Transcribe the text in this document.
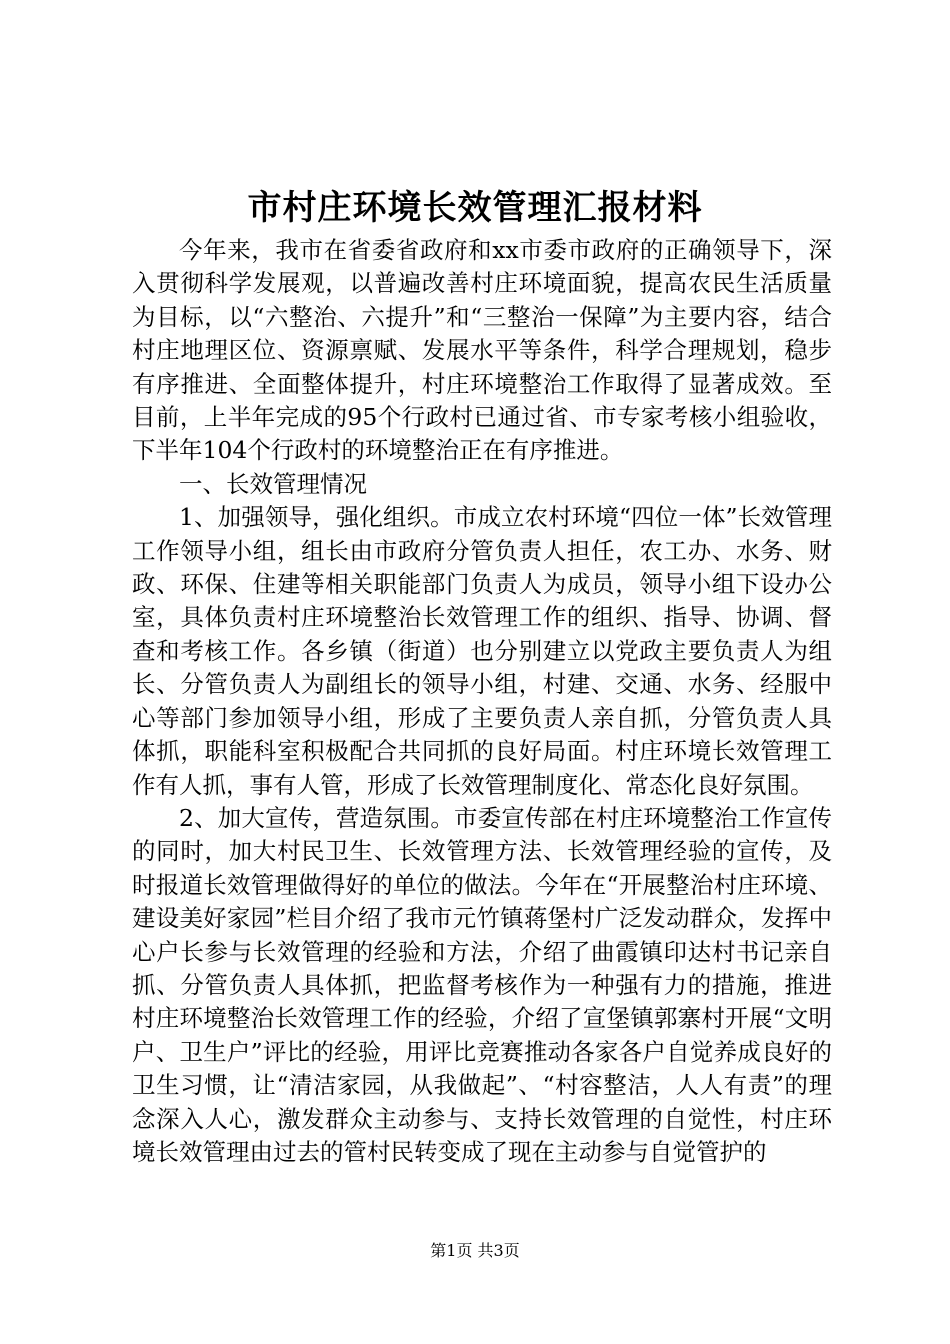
市村庄环境长效管理汇报材料

今年来，我市在省委省政府和xx市委市政府的正确领导下，深入贯彻科学发展观，以普遍改善村庄环境面貌，提高农民生活质量为目标，以“六整治、六提升”和“三整治一保障”为主要内容，结合村庄地理区位、资源禀赋、发展水平等条件，科学合理规划，稳步有序推进、全面整体提升，村庄环境整治工作取得了显著成效。至目前，上半年完成的95个行政村已通过省、市专家考核小组验收，下半年104个行政村的环境整治正在有序推进。

一、长效管理情况

1、加强领导，强化组织。市成立农村环境“四位一体”长效管理工作领导小组，组长由市政府分管负责人担任，农工办、水务、财政、环保、住建等相关职能部门负责人为成员，领导小组下设办公室，具体负责村庄环境整治长效管理工作的组织、指导、协调、督查和考核工作。各乡镇（街道）也分别建立以党政主要负责人为组长、分管负责人为副组长的领导小组，村建、交通、水务、经服中心等部门参加领导小组，形成了主要负责人亲自抓，分管负责人具体抓，职能科室积极配合共同抓的良好局面。村庄环境长效管理工作有人抓，事有人管，形成了长效管理制度化、常态化良好氛围。

2、加大宣传，营造氛围。市委宣传部在村庄环境整治工作宣传的同时，加大村民卫生、长效管理方法、长效管理经验的宣传，及时报道长效管理做得好的单位的做法。今年在“开展整治村庄环境、建设美好家园”栏目介绍了我市元竹镇蒋堡村广泛发动群众，发挥中心户长参与长效管理的经验和方法，介绍了曲霞镇印达村书记亲自抓、分管负责人具体抓，把监督考核作为一种强有力的措施，推进村庄环境整治长效管理工作的经验，介绍了宣堡镇郭寨村开展“文明户、卫生户”评比的经验，用评比竞赛推动各家各户自觉养成良好的卫生习惯，让“清洁家园，从我做起”、“村容整洁，人人有责”的理念深入人心，激发群众主动参与、支持长效管理的自觉性，村庄环境长效管理由过去的管村民转变成了现在主动参与自觉管护的

第1页 共3页
